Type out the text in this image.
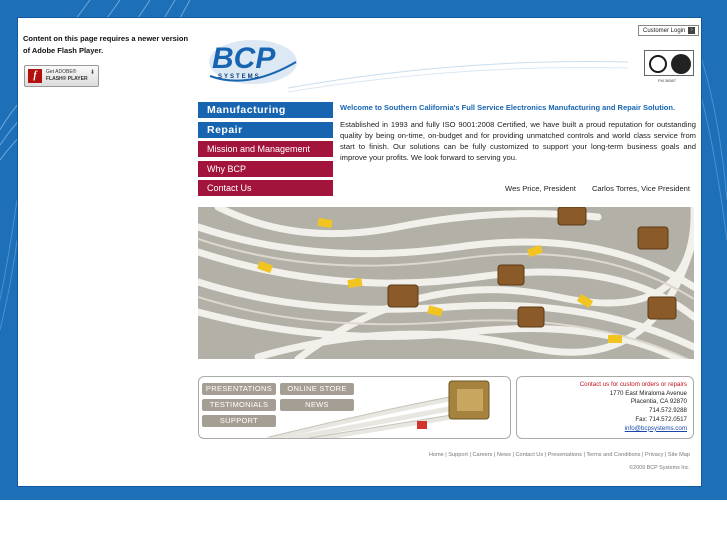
Content on this page requires a newer version of Adobe Flash Player.
f	Get ADOBE®
FLASH® PLAYER
⬇	BCP
SYSTEMS
Customer Login	›
FM 36587
Manufacturing
Repair
Mission and Management
Why BCP
Contact Us
Welcome to Southern California's Full Service Electronics Manufacturing and Repair Solution.

Established in 1993 and fully ISO 9001:2008 Certified, we have built a proud reputation for outstanding quality by being on-time, on-budget and for providing unmatched controls and world class service from start to finish. Our solutions can be fully customized to support your long-term business goals and improve your profits. We look forward to serving you.

Wes Price, President Carlos Torres, Vice President
PRESENTATIONS	ONLINE STORE
TESTIMONIALS	NEWS
SUPPORT
Contact us for custom orders or repairs
1770 East Miraloma Avenue
Placentia, CA 92870
714.572.9288
Fax: 714.572.0517
info@bcpsystems.com
Home | Support | Careers | News | Contact Us | Presentations | Terms and Conditions | Privacy | Site Map
©2009 BCP Systems Inc.
